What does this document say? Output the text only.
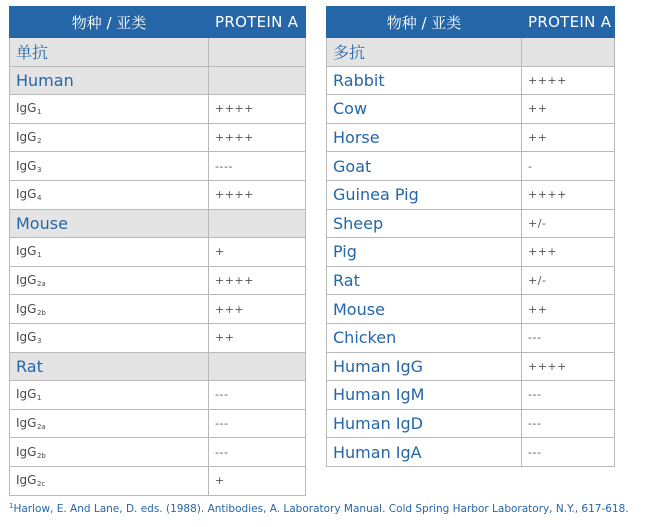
物种 / 亚类	PROTEIN A
单抗	
Human	
IgG$_1$	++++
IgG$_2$	++++
IgG$_3$	----
IgG$_4$	++++
Mouse	
IgG$_1$	+
IgG$_{2a}$	++++
IgG$_{2b}$	+++
IgG$_3$	++
Rat	
IgG$_1$	---
IgG$_{2a}$	---
IgG$_{2b}$	---
IgG$_{2c}$	+
物种 / 亚类	PROTEIN A
多抗	
Rabbit	++++
Cow	++
Horse	++
Goat	-
Guinea Pig	++++
Sheep	+/-
Pig	+++
Rat	+/-
Mouse	++
Chicken	---
Human IgG	++++
Human IgM	---
Human IgD	---
Human IgA	---
$^1$Harlow, E. And Lane, D. eds. (1988). Antibodies, A. Laboratory Manual. Cold Spring Harbor Laboratory, N.Y., 617-618.
